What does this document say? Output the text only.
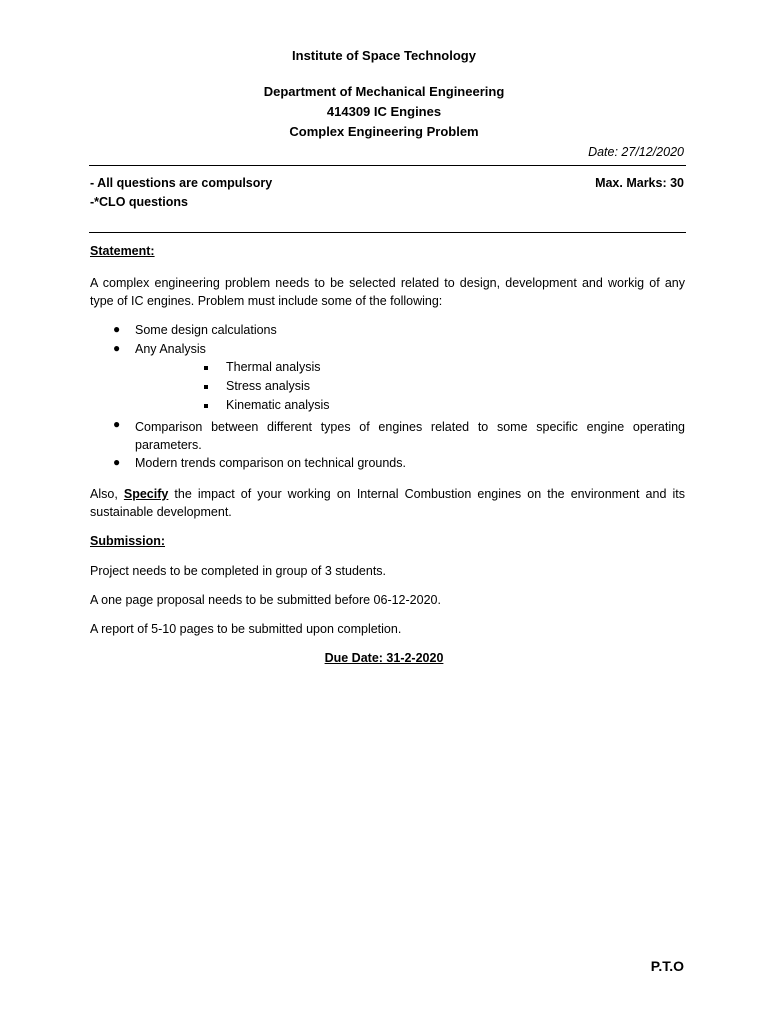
Institute of Space Technology
Department of Mechanical Engineering
414309 IC Engines
Complex Engineering Problem
Date: 27/12/2020
- All questions are compulsory
-*CLO questions
Max. Marks: 30
Statement:
A complex engineering problem needs to be selected related to design, development and workig of any type of IC engines. Problem must include some of the following:
● Some design calculations
● Any Analysis
Thermal analysis
Stress analysis
Kinematic analysis
● Comparison between different types of engines related to some specific engine operating parameters.
● Modern trends comparison on technical grounds.
Also, Specify the impact of your working on Internal Combustion engines on the environment and its sustainable development.
Submission:
Project needs to be completed in group of 3 students.
A one page proposal needs to be submitted before 06-12-2020.
A report of 5-10 pages to be submitted upon completion.
Due Date: 31-2-2020
P.T.O
